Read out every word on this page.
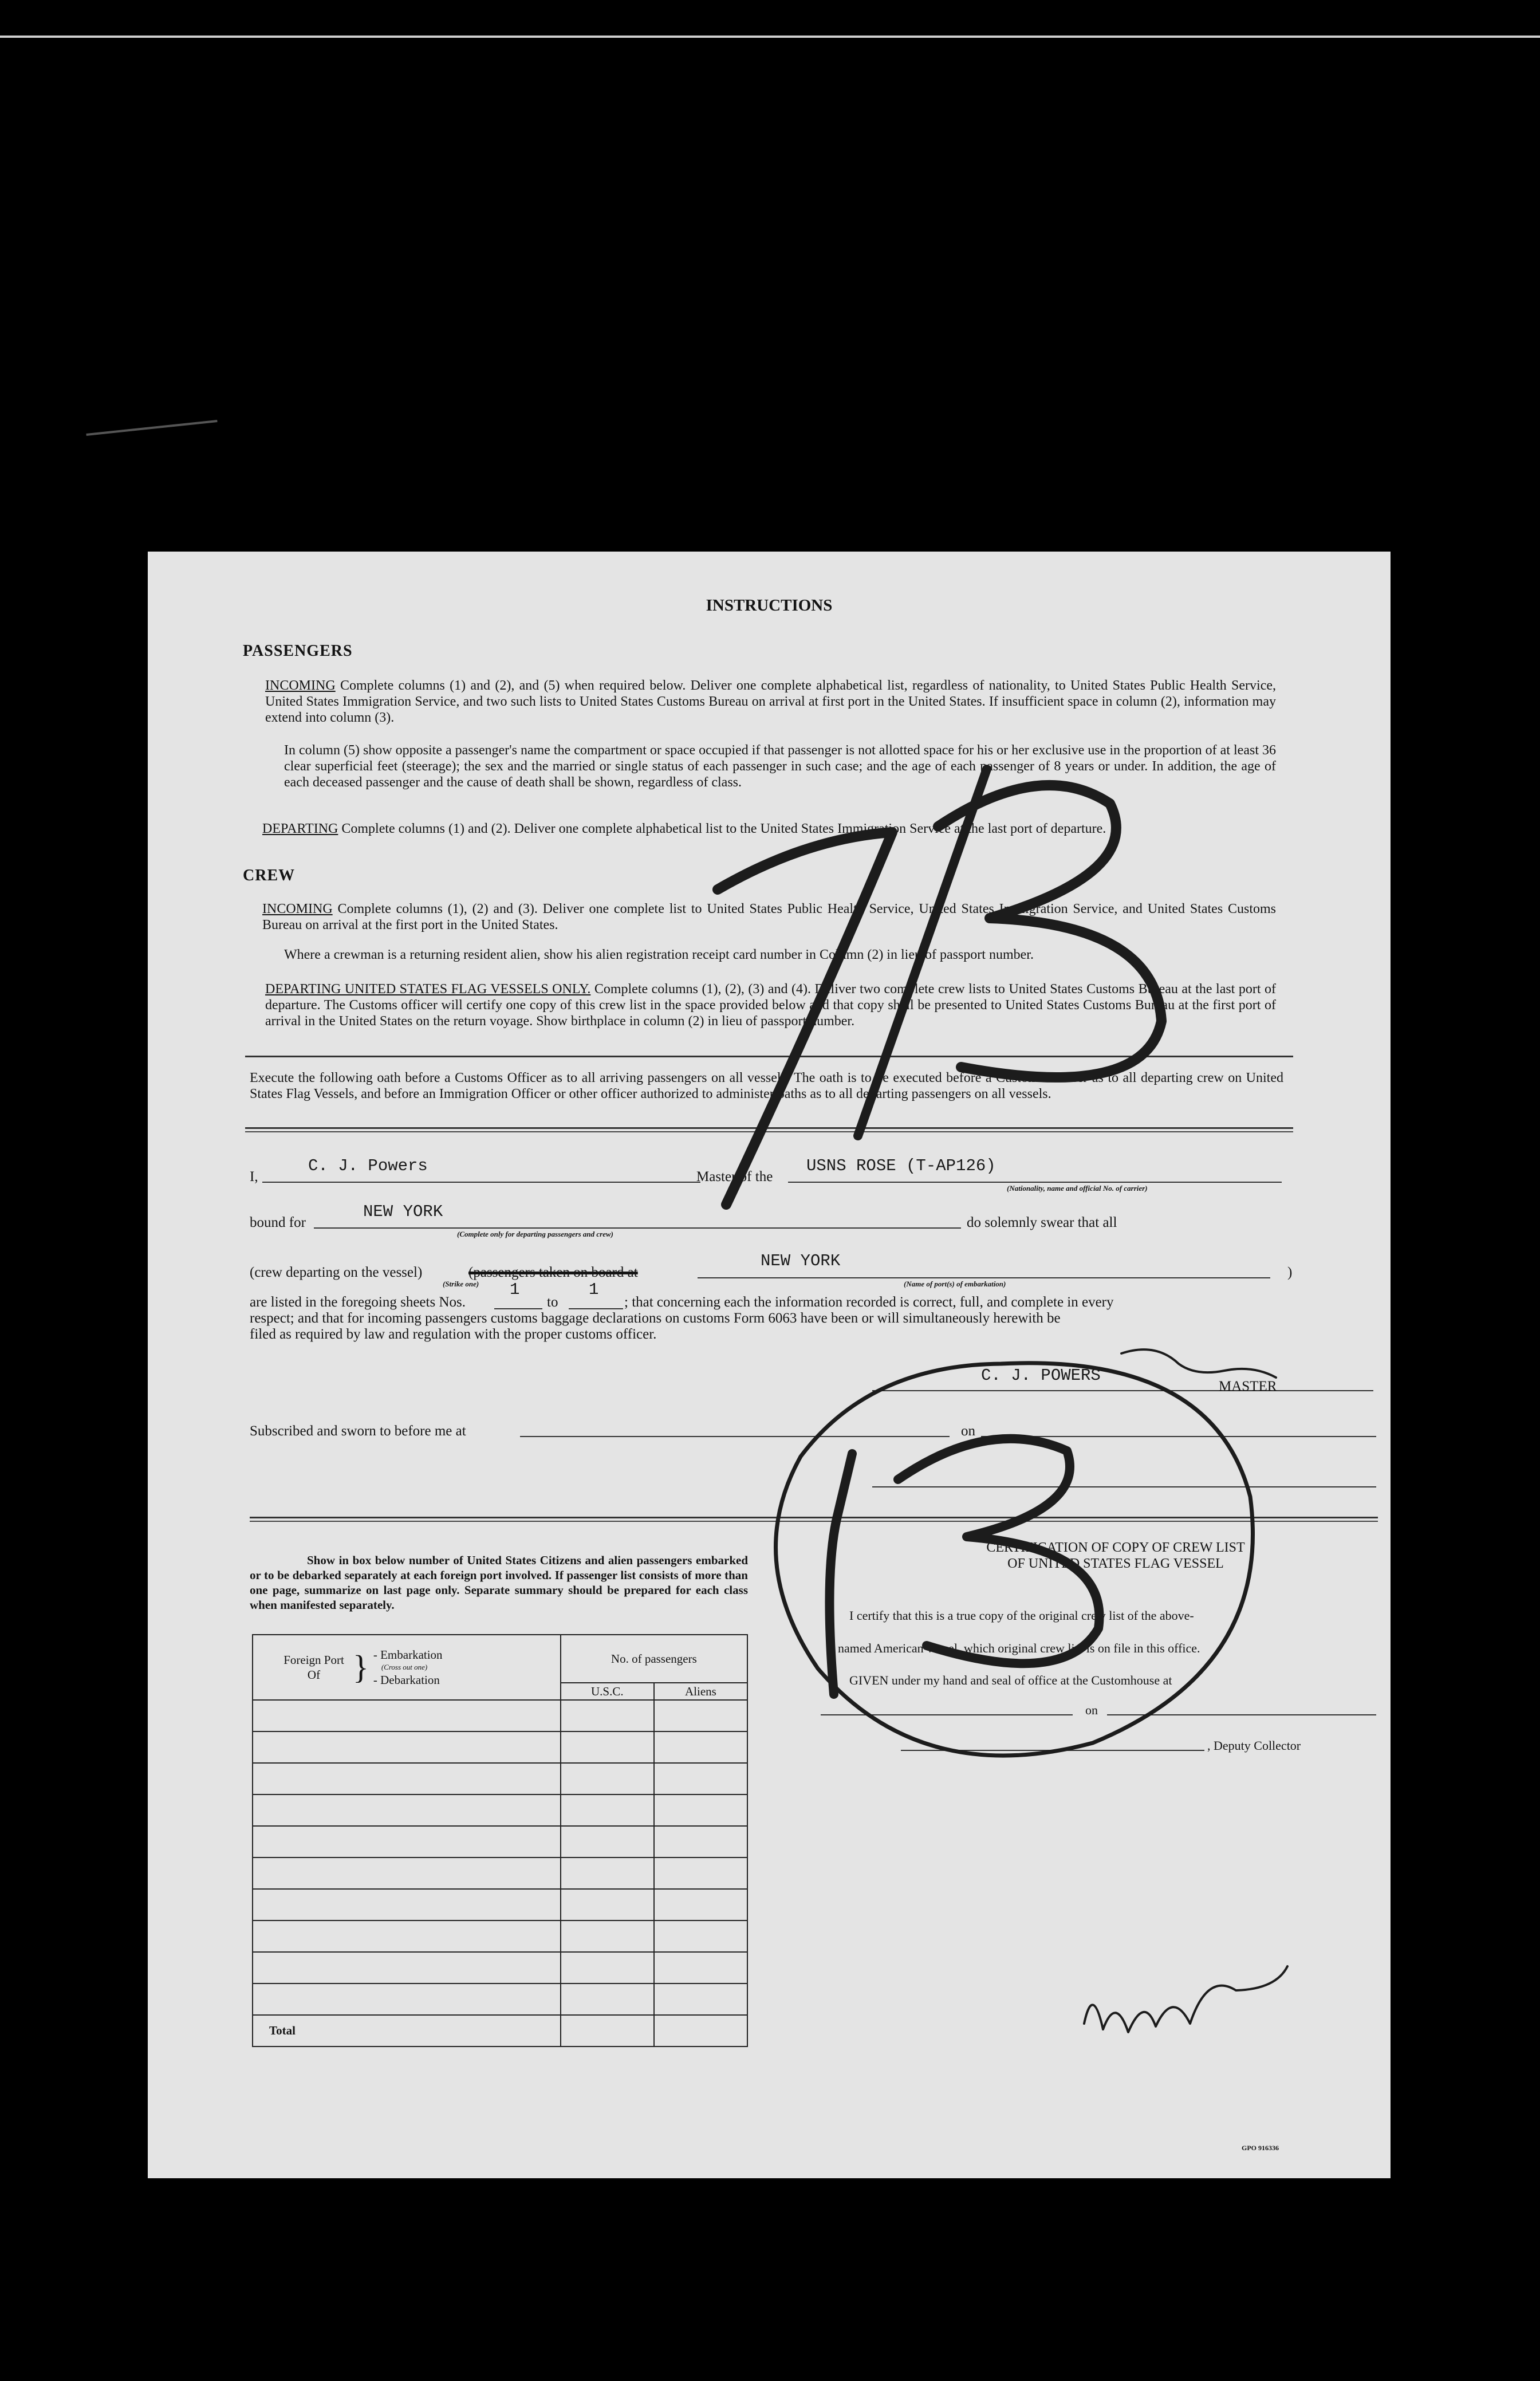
INSTRUCTIONS
PASSENGERS
INCOMING Complete columns (1) and (2), and (5) when required below. Deliver one complete alphabetical list, regardless of nationality, to United States Public Health Service, United States Immigration Service, and two such lists to United States Customs Bureau on arrival at first port in the United States. If insufficient space in column (2), information may extend into column (3).
In column (5) show opposite a passenger's name the compartment or space occupied if that passenger is not allotted space for his or her exclusive use in the proportion of at least 36 clear superficial feet (steerage); the sex and the married or single status of each passenger in such case; and the age of each passenger of 8 years or under. In addition, the age of each deceased passenger and the cause of death shall be shown, regardless of class.
DEPARTING Complete columns (1) and (2). Deliver one complete alphabetical list to the United States Immigration Service at the last port of departure.
CREW
INCOMING Complete columns (1), (2) and (3). Deliver one complete list to United States Public Health Service, United States Immigration Service, and United States Customs Bureau on arrival at the first port in the United States.
Where a crewman is a returning resident alien, show his alien registration receipt card number in Column (2) in lieu of passport number.
DEPARTING UNITED STATES FLAG VESSELS ONLY. Complete columns (1), (2), (3) and (4). Deliver two complete crew lists to United States Customs Bureau at the last port of departure. The Customs officer will certify one copy of this crew list in the space provided below and that copy shall be presented to United States Customs Bureau at the first port of arrival in the United States on the return voyage. Show birthplace in column (2) in lieu of passport number.
Execute the following oath before a Customs Officer as to all arriving passengers on all vessels. The oath is to be executed before a Customs Officer as to all departing crew on United States Flag Vessels, and before an Immigration Officer or other officer authorized to administer oaths as to all departing passengers on all vessels.
I,
C. J. Powers
Master of the
USNS ROSE (T-AP126)
(Nationality, name and official No. of carrier)
bound for
NEW YORK
(Complete only for departing passengers and crew)
do solemnly swear that all
(crew departing on the vessel)	(passengers taken on board at
NEW YORK
)
(Strike one)	(Name of port(s) of embarkation)
are listed in the foregoing sheets Nos.
1
to
1
; that concerning each the information recorded is correct, full, and complete in every
respect; and that for incoming passengers customs baggage declarations on customs Form 6063 have been or will simultaneously herewith be
filed as required by law and regulation with the proper customs officer.
C. J. POWERS
MASTER
Subscribed and sworn to before me at	on
Show in box below number of United States Citizens and alien passengers embarked or to be debarked separately at each foreign port involved. If passenger list consists of more than one page, summarize on last page only. Separate summary should be prepared for each class when manifested separately.
Foreign Port Of } - Embarkation
(Cross out one)
- Debarkation	No. of passengers	
	U.S.C.	Aliens

Total		
CERTIFICATION OF COPY OF CREW LIST
OF UNITED STATES FLAG VESSEL
I certify that this is a true copy of the original crew list of the above-
named American vessel, which original crew list is on file in this office.
GIVEN under my hand and seal of office at the Customhouse at
on
, Deputy Collector
GPO 916336
